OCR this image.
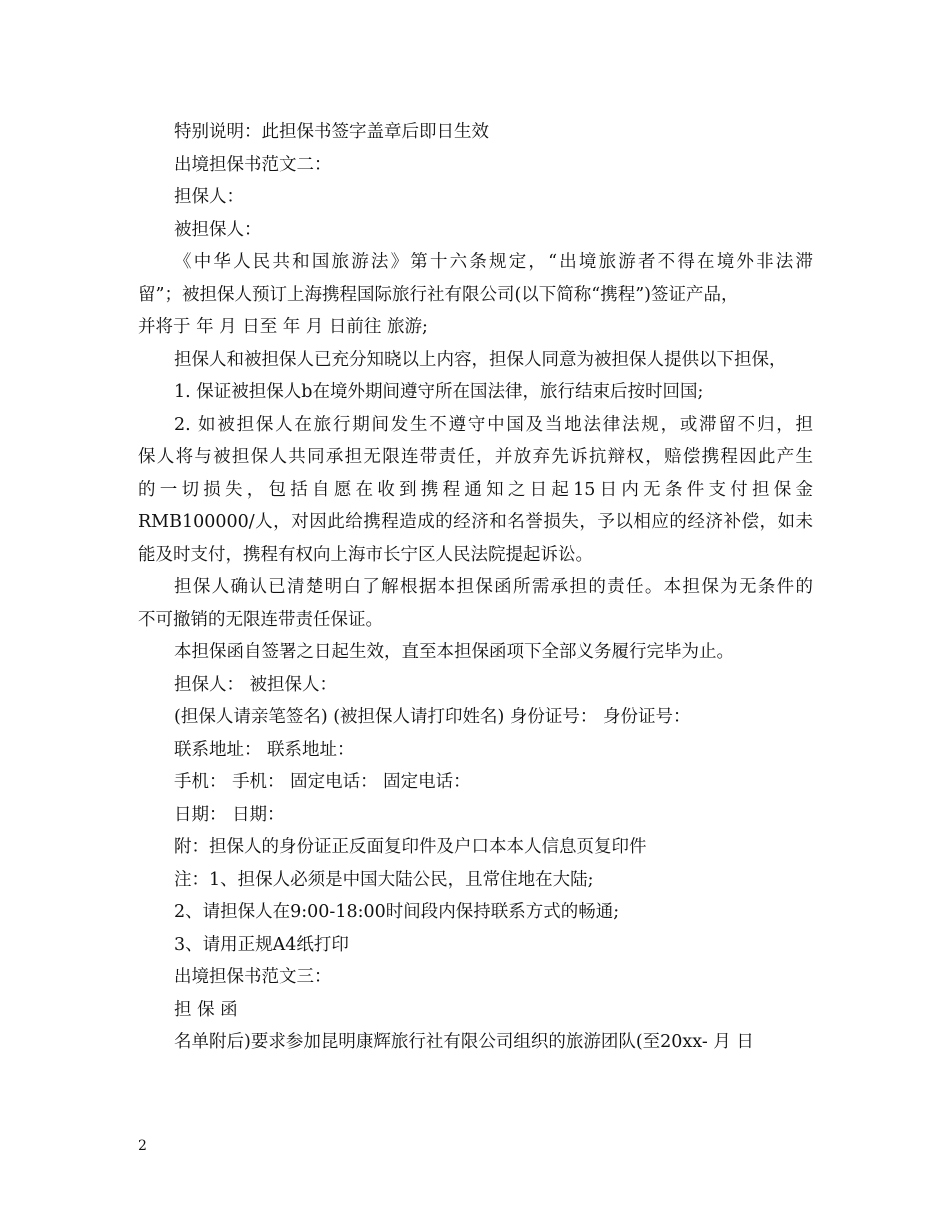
特别说明：此担保书签字盖章后即日生效
出境担保书范文二：
担保人：
被担保人：
《中华人民共和国旅游法》第十六条规定，“出境旅游者不得在境外非法滞
留”；被担保人预订上海携程国际旅行社有限公司(以下简称“携程”)签证产品，
并将于 年 月 日至 年 月 日前往 旅游;
担保人和被担保人已充分知晓以上内容，担保人同意为被担保人提供以下担保，
1. 保证被担保人b在境外期间遵守所在国法律，旅行结束后按时回国;
2. 如被担保人在旅行期间发生不遵守中国及当地法律法规，或滞留不归，担
保人将与被担保人共同承担无限连带责任，并放弃先诉抗辩权，赔偿携程因此产生
的一切损失，包括自愿在收到携程通知之日起15日内无条件支付担保金
RMB100000/人，对因此给携程造成的经济和名誉损失，予以相应的经济补偿，如未
能及时支付，携程有权向上海市长宁区人民法院提起诉讼。
担保人确认已清楚明白了解根据本担保函所需承担的责任。本担保为无条件的
不可撤销的无限连带责任保证。
本担保函自签署之日起生效，直至本担保函项下全部义务履行完毕为止。
担保人： 被担保人：
(担保人请亲笔签名) (被担保人请打印姓名) 身份证号： 身份证号：
联系地址： 联系地址：
手机： 手机： 固定电话： 固定电话：
日期： 日期：
附：担保人的身份证正反面复印件及户口本本人信息页复印件
注：1、担保人必须是中国大陆公民，且常住地在大陆;
2、请担保人在9:00-18:00时间段内保持联系方式的畅通;
3、请用正规A4纸打印
出境担保书范文三：
担 保 函
名单附后)要求参加昆明康辉旅行社有限公司组织的旅游团队(至20xx- 月 日
2
